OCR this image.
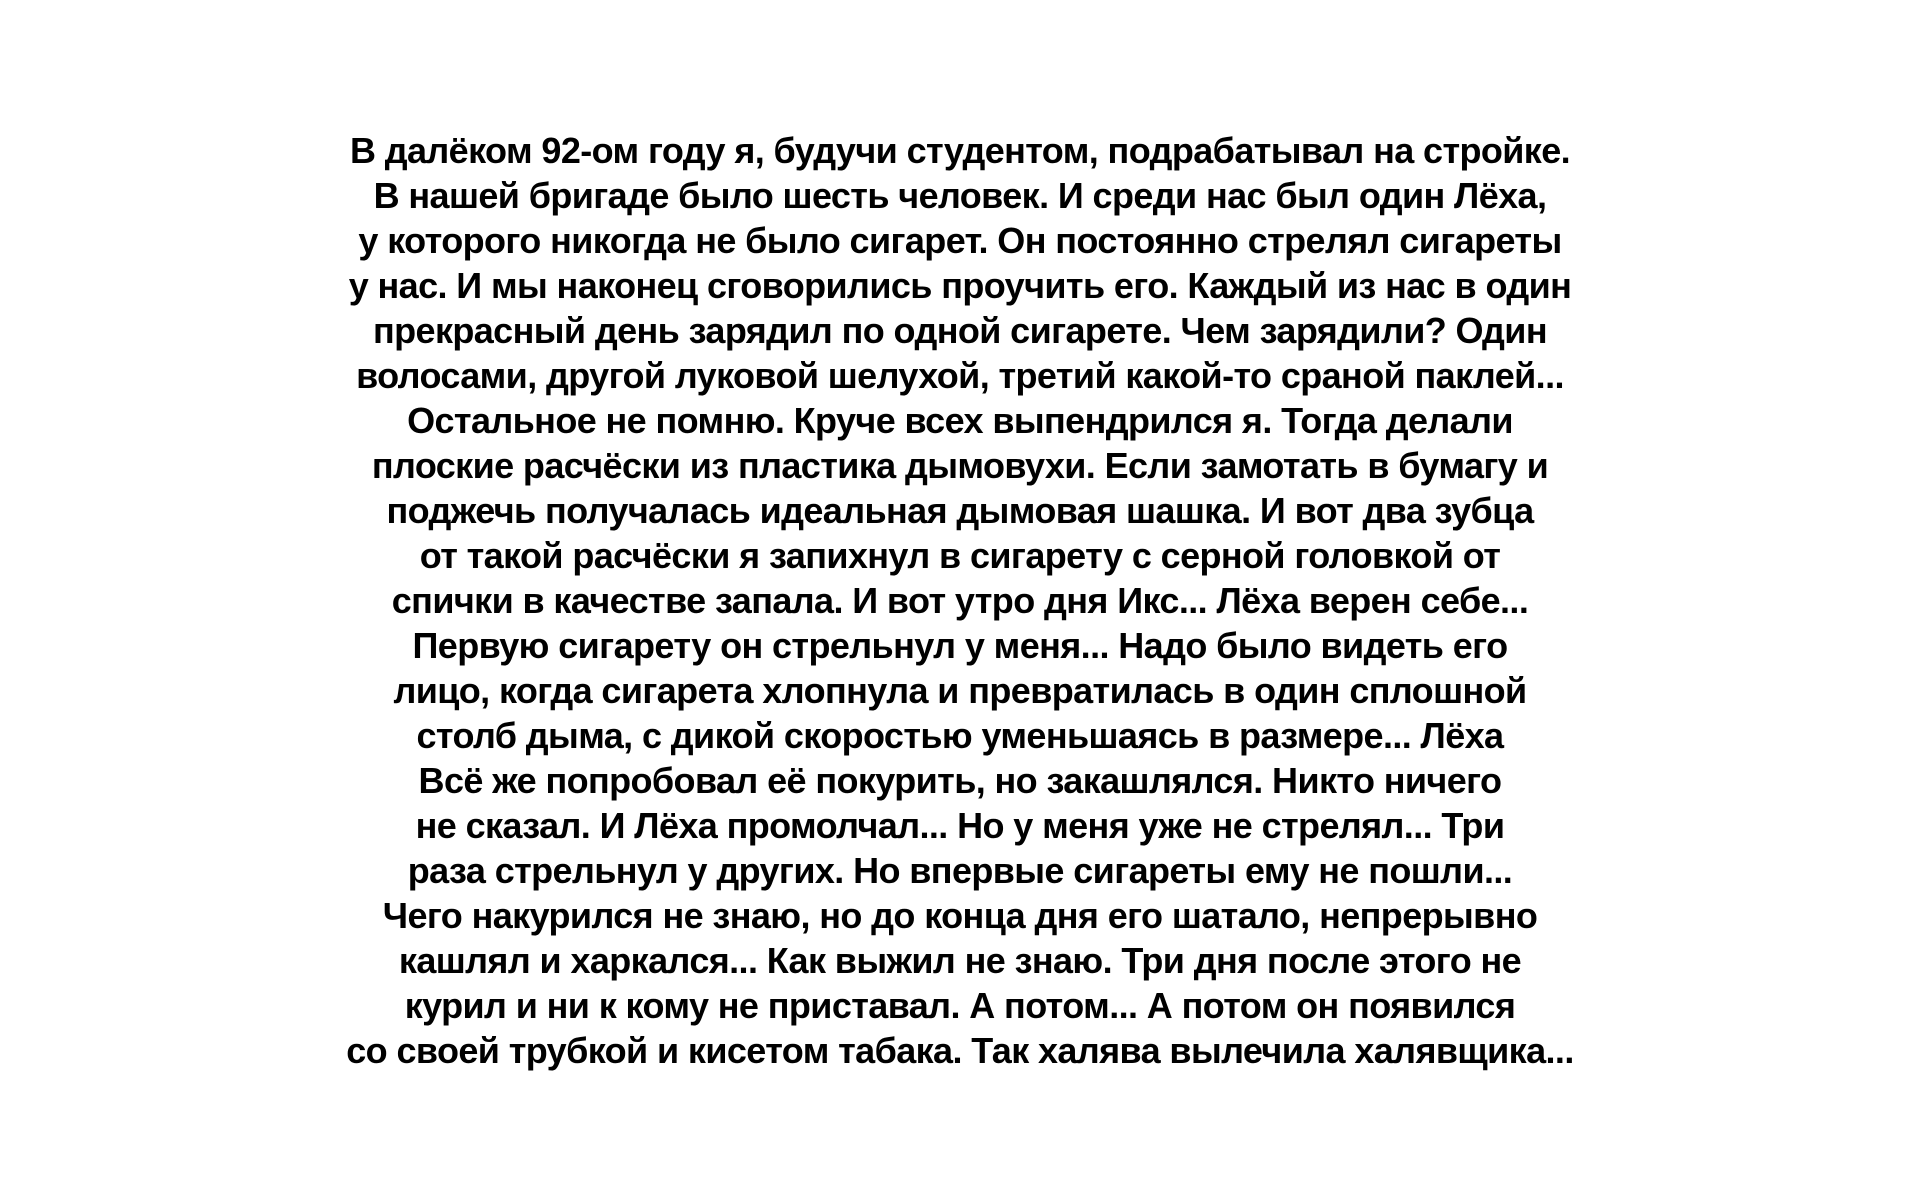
В далёком 92-ом году я, будучи студентом, подрабатывал на стройке.
В нашей бригаде было шесть человек. И среди нас был один Лёха,
у которого никогда не было сигарет. Он постоянно стрелял сигареты
у нас. И мы наконец сговорились проучить его. Каждый из нас в один
прекрасный день зарядил по одной сигарете. Чем зарядили? Один
волосами, другой луковой шелухой, третий какой-то сраной паклей...
Остальное не помню. Круче всех выпендрился я. Тогда делали
плоские расчёски из пластика дымовухи. Если замотать в бумагу и
поджечь получалась идеальная дымовая шашка. И вот два зубца
от такой расчёски я запихнул в сигарету с серной головкой от
спички в качестве запала. И вот утро дня Икс... Лёха верен себе...
Первую сигарету он стрельнул у меня... Надо было видеть его
лицо, когда сигарета хлопнула и превратилась в один сплошной
столб дыма, с дикой скоростью уменьшаясь в размере... Лёха
Всё же попробовал её покурить, но закашлялся. Никто ничего
не сказал. И Лёха промолчал... Но у меня уже не стрелял... Три
раза стрельнул у других. Но впервые сигареты ему не пошли...
Чего накурился не знаю, но до конца дня его шатало, непрерывно
кашлял и харкался... Как выжил не знаю. Три дня после этого не
курил и ни к кому не приставал. А потом... А потом он появился
со своей трубкой и кисетом табака. Так халява вылечила халявщика...
